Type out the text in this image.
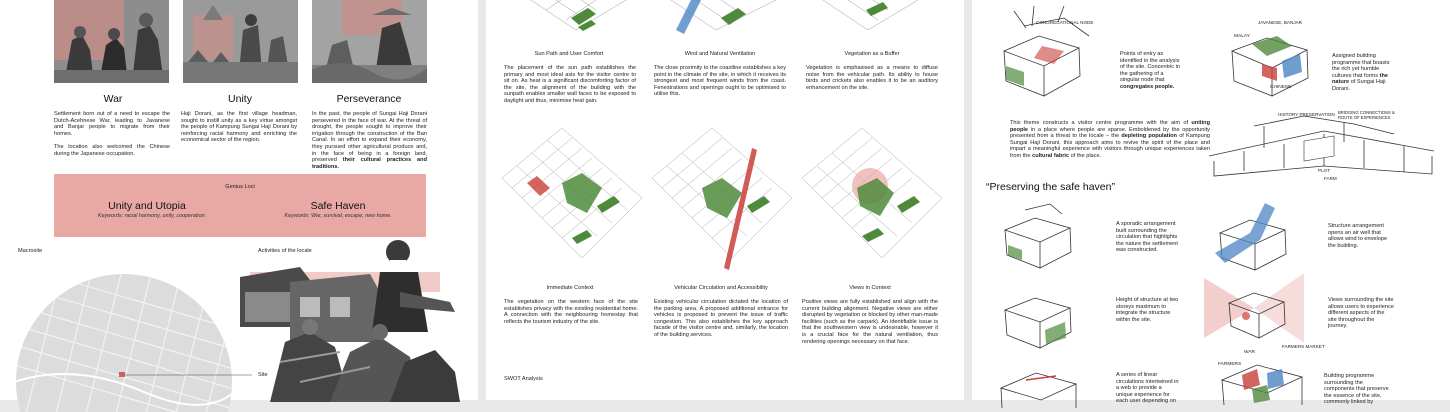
War	Unity	Perseverance
Settlement born out of a need to escape the Dutch-Acehnese War, leading to Javanese and Banjar people to migrate from their homes.

The location also welcomed the Chinese during the Japanese occupation.
Haji Dorani, as the first village headman, sought to instill unity as a key virtue amongst the people of Kampung Sungai Haji Dorani by reinforcing racial harmony and enriching the economical sector of the region.
In the past, the people of Sungai Haji Dorani persevered in the face of war. At the threat of drought, the people sought to improve their irrigation through the construction of the Ban Canal. In an effort to expand their economy, they pursued other agricultural produce and, in the face of being in a foreign land, preserved their cultural practices and traditions.
Genius Loci
Unity and Utopia
Keywords: racial harmony, unity, cooperation.
Safe Haven
Keywords: War, survival, escape, new home.
Macrosite	Activities of the locale
Site
Sun Path and User Comfort
The placement of the sun path establishes the primary and most ideal axis for the visitor centre to sit on. As heat is a significant discomforting factor of the site, the alignment of the building with the sunpath enables smaller wall faces to be exposed to daylight and thus, minimise heat gain.
Wind and Natural Ventilation
The close proximity to the coastline establishes a key point in the climate of the site, in which it receives its strongest and most frequent winds from the coast. Fenestrations and openings ought to be optimised to utilise this.
Vegetation as a Buffer
Vegetation is emphasised as a means to diffuse noise from the vehicular path. Its ability to house birds and crickets also enables it to be an auditory enhancement on the site.
Immediate Context
The vegetation on the western face of the site establishes privacy with the existing residential home. A connection with the neighbouring homestay that reflects the tourism industry of the site.
Vehicular Circulation and Accessibility
Existing vehicular circulation dictated the location of the parking area. A proposed additional entrance for vehicles is proposed to prevent the issue of traffic congestion. This also establishes the key approach facade of the visitor centre and, similarly, the location of the building services.
Views in Context
Positive views are fully established and align with the current building alignment. Negative views are either disrupted by vegetation or blocked by other man-made facilities (such as the carpark). An identifiable issue is that the southwestern view is undesirable, however it is a crucial face for the natural ventilation, thus rendering openings necessary on that face.
SWOT Analysis
CONGREGATIONAL NODE
Points of entry as identified in the analysis of the site. Concentric in the gathering of a singular node that congregates people.
MALAY
JAVANESE, BANJAR
CHINESE
Assigned building programme that boasts the rich yet humble cultures that forms the nature of Sungai Haji Dorani.
This theme constructs a visitor centre programme with the aim of uniting people in a place where people are sparse. Emboldened by the opportunity presented from a threat to the locale – the depleting population of Kampung Sungai Haji Dorani, this approach aims to revive the spirit of the place and impart a meaningful experience with visitors through unique experiences taken from the cultural fabric of the place.
HISTORY PRESERVATION BRIDGING CONNECTIONS & ROUTE OF EXPERIENCES
PLOT
FARM
“Preserving the safe haven”
A sporadic arrangement built surrounding the circulation that highlights the nature the settlement was constructed.
Structure arrangement opens an air well that allows wind to envelope the building.
Height of structure at two storeys maximum to integrate the structure within the site.
Views surrounding the site allows users to experience different aspects of the site throughout the journey.
A series of linear circulations intertwined in a web to provide a unique experience for each user depending on
WAR
FARMERS
FARMERS MARKET
Building programme surrounding the components that preserve the essence of the site, commonly linked by
